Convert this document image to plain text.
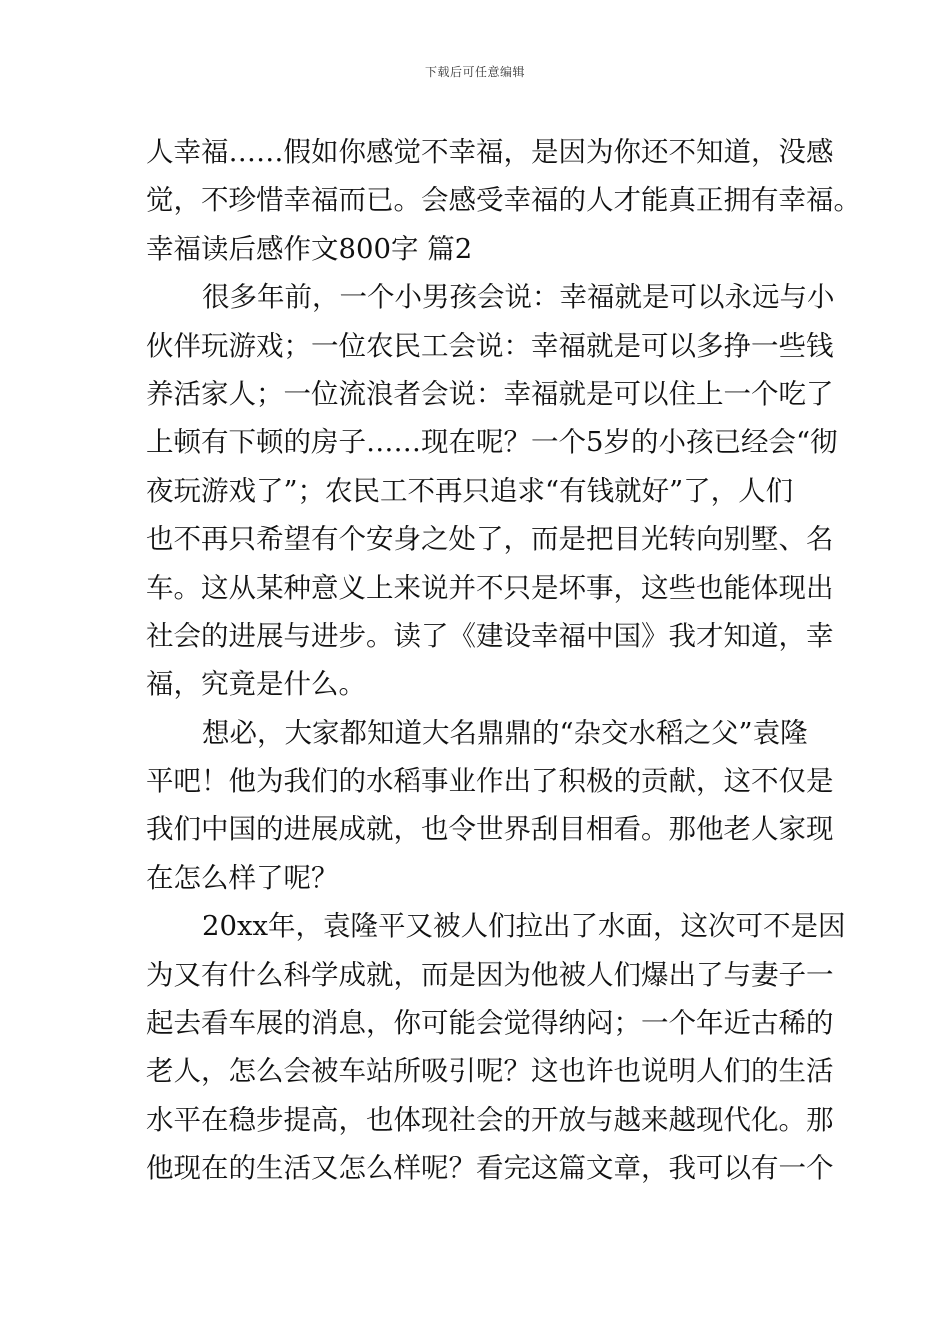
下载后可任意编辑
人幸福……假如你感觉不幸福，是因为你还不知道，没感
觉，不珍惜幸福而已。会感受幸福的人才能真正拥有幸福。
幸福读后感作文800字 篇2
很多年前，一个小男孩会说：幸福就是可以永远与小
伙伴玩游戏；一位农民工会说：幸福就是可以多挣一些钱
养活家人；一位流浪者会说：幸福就是可以住上一个吃了
上顿有下顿的房子……现在呢？一个5岁的小孩已经会“彻
夜玩游戏了”；农民工不再只追求“有钱就好”了，人们
也不再只希望有个安身之处了，而是把目光转向别墅、名
车。这从某种意义上来说并不只是坏事，这些也能体现出
社会的进展与进步。读了《建设幸福中国》我才知道，幸
福，究竟是什么。
想必，大家都知道大名鼎鼎的“杂交水稻之父”袁隆
平吧！他为我们的水稻事业作出了积极的贡献，这不仅是
我们中国的进展成就，也令世界刮目相看。那他老人家现
在怎么样了呢？
20xx年，袁隆平又被人们拉出了水面，这次可不是因
为又有什么科学成就，而是因为他被人们爆出了与妻子一
起去看车展的消息，你可能会觉得纳闷；一个年近古稀的
老人，怎么会被车站所吸引呢？这也许也说明人们的生活
水平在稳步提高，也体现社会的开放与越来越现代化。那
他现在的生活又怎么样呢？看完这篇文章，我可以有一个
